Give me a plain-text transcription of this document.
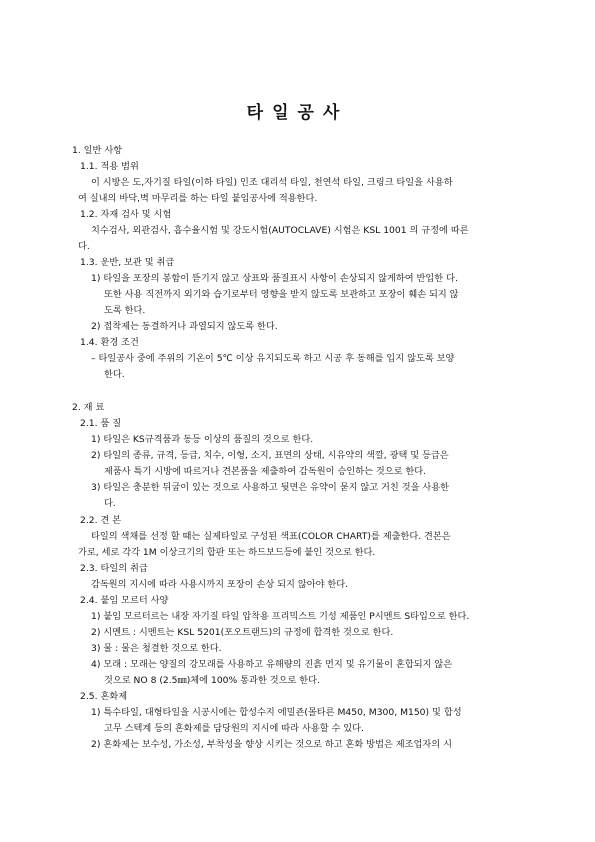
타일공사
1. 일반 사항
1.1. 적용 범위
이 시방은 도,자기질 타일(이하 타일) 인조 대리석 타일, 천연석 타일, 크링크 타일을 사용하
여 실내의 바닥,벽 마무리를 하는 타일 붙임공사에 적용한다.
1.2. 자재 검사 및 시험
치수검사, 외관검사, 흡수율시험 및 강도시험(AUTOCLAVE) 시험은 KSL 1001 의 규정에 따른
다.
1.3. 운반, 보관 및 취급
1) 타일을 포장의 봉함이 뜯기지 않고 상표와 품질표시 사항이 손상되지 않게하여 반입한 다.
또한 사용 직전까지 외기와 습기로부터 영향을 받지 않도록 보관하고 포장이 훼손 되지 않
도록 한다.
2) 접착제는 동결하거나 과열되지 않도록 한다.
1.4. 환경 조건
– 타일공사 중에 주위의 기온이 5℃ 이상 유지되도록 하고 시공 후 동해를 입지 않도록 보양
한다.
2. 재 료
2.1. 품 질
1) 타일은 KS규격품과 동등 이상의 품질의 것으로 한다.
2) 타일의 종류, 규격, 등급, 치수, 이형, 소지, 표면의 상태, 시유약의 색깔, 광택 및 등급은
제품사 특기 시방에 따르거나 견본품을 제출하여 감독원이 승인하는 것으로 한다.
3) 타일은 충분한 뒤굽이 있는 것으로 사용하고 뒷면은 유약이 묻지 않고 거친 것을 사용한
다.
2.2. 견 본
타일의 색채를 선정 할 때는 실제타일로 구성된 색표(COLOR CHART)를 제출한다. 견본은
가로, 세로 각각 1M 이상크기의 합판 또는 하드보드등에 붙인 것으로 한다.
2.3. 타일의 취급
감독원의 지시에 따라 사용시까지 포장이 손상 되지 않아야 한다.
2.4. 붙임 모르터 사양
1) 붙임 모르터르는 내장 자기질 타일 압착용 프리믹스트 기성 제품인 P시멘트 S타입으로 한다.
2) 시멘트 : 시멘트는 KSL 5201(포오트랜드)의 규정에 합격한 것으로 한다.
3) 물 : 물은 청결한 것으로 한다.
4) 모래 : 모래는 양질의 강모래를 사용하고 유해량의 진흙 먼지 및 유기물이 혼합되지 않은
것으로 NO 8 (2.5㎜)체에 100% 통과한 것으로 한다.
2.5. 혼화제
1) 특수타일, 대형타일을 시공시에는 합성수지 에밀죤(몰타른 M450, M300, M150) 및 합성
고무 스텍계 등의 혼화제를 담당원의 지시에 따라 사용할 수 있다.
2) 혼화제는 보수성, 가소성, 부착성을 향상 시키는 것으로 하고 혼화 방법은 제조업자의 시
